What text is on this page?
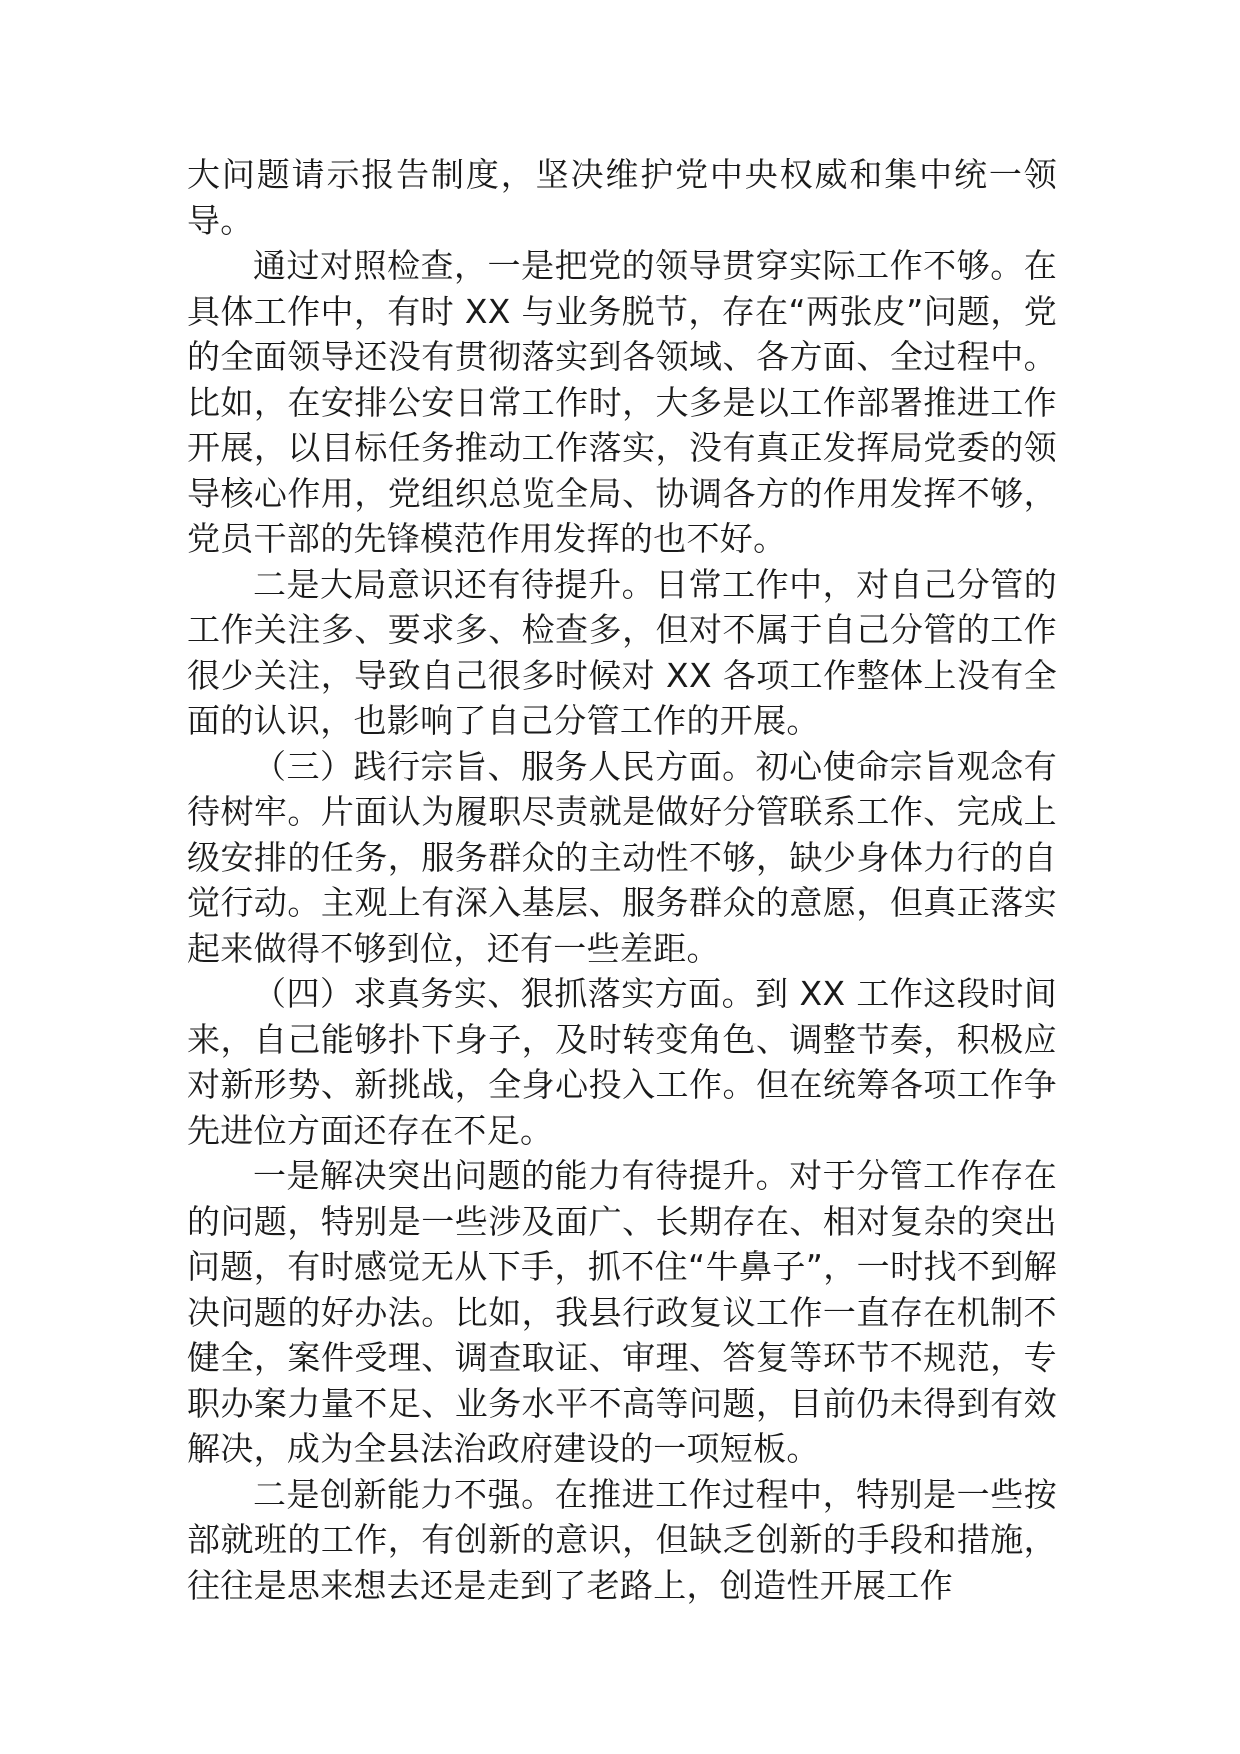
大问题请示报告制度，坚决维护党中央权威和集中统一领导。

通过对照检查，一是把党的领导贯穿实际工作不够。在具体工作中，有时 XX 与业务脱节，存在“两张皮”问题，党的全面领导还没有贯彻落实到各领域、各方面、全过程中。比如，在安排公安日常工作时，大多是以工作部署推进工作开展，以目标任务推动工作落实，没有真正发挥局党委的领导核心作用，党组织总览全局、协调各方的作用发挥不够，党员干部的先锋模范作用发挥的也不好。

二是大局意识还有待提升。日常工作中，对自己分管的工作关注多、要求多、检查多，但对不属于自己分管的工作很少关注，导致自己很多时候对 XX 各项工作整体上没有全面的认识，也影响了自己分管工作的开展。

（三）践行宗旨、服务人民方面。初心使命宗旨观念有待树牢。片面认为履职尽责就是做好分管联系工作、完成上级安排的任务，服务群众的主动性不够，缺少身体力行的自觉行动。主观上有深入基层、服务群众的意愿，但真正落实起来做得不够到位，还有一些差距。

（四）求真务实、狠抓落实方面。到 XX 工作这段时间来，自己能够扑下身子，及时转变角色、调整节奏，积极应对新形势、新挑战，全身心投入工作。但在统筹各项工作争先进位方面还存在不足。

一是解决突出问题的能力有待提升。对于分管工作存在的问题，特别是一些涉及面广、长期存在、相对复杂的突出问题，有时感觉无从下手，抓不住“牛鼻子”，一时找不到解决问题的好办法。比如，我县行政复议工作一直存在机制不健全，案件受理、调查取证、审理、答复等环节不规范，专职办案力量不足、业务水平不高等问题，目前仍未得到有效解决，成为全县法治政府建设的一项短板。

二是创新能力不强。在推进工作过程中，特别是一些按部就班的工作，有创新的意识，但缺乏创新的手段和措施，往往是思来想去还是走到了老路上，创造性开展工作
